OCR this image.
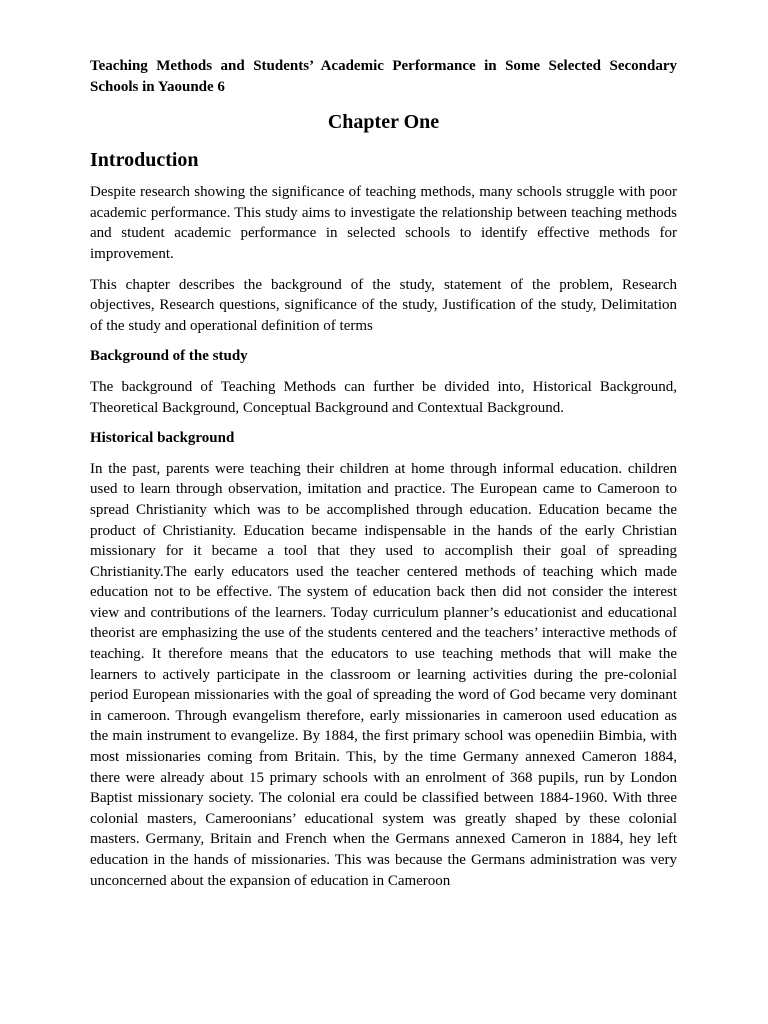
Teaching Methods and Students’ Academic Performance in Some Selected Secondary Schools in Yaounde 6

Chapter One
Introduction

Despite research showing the significance of teaching methods, many schools struggle with poor academic performance. This study aims to investigate the relationship between teaching methods and student academic performance in selected schools to identify effective methods for improvement.

This chapter describes the background of the study, statement of the problem, Research objectives, Research questions, significance of the study, Justification of the study, Delimitation of the study and operational definition of terms

Background of the study

The background of Teaching Methods can further be divided into, Historical Background, Theoretical Background, Conceptual Background and Contextual Background.

Historical background

In the past, parents were teaching their children at home through informal education. children used to learn through observation, imitation and practice. The European came to Cameroon to spread Christianity which was to be accomplished through education. Education became the product of Christianity. Education became indispensable in the hands of the early Christian missionary for it became a tool that they used to accomplish their goal of spreading Christianity.The early educators used the teacher centered methods of teaching which made education not to be effective. The system of education back then did not consider the interest view and contributions of the learners. Today curriculum planner’s educationist and educational theorist are emphasizing the use of the students centered and the teachers’ interactive methods of teaching. It therefore means that the educators to use teaching methods that will make the learners to actively participate in the classroom or learning activities during the pre-colonial period European missionaries with the goal of spreading the word of God became very dominant in cameroon. Through evangelism therefore, early missionaries in cameroon used education as the main instrument to evangelize. By 1884, the first primary school was openediin Bimbia, with most missionaries coming from Britain. This, by the time Germany annexed Cameron 1884, there were already about 15 primary schools with an enrolment of 368 pupils, run by London Baptist missionary society. The colonial era could be classified between 1884-1960. With three colonial masters, Cameroonians’ educational system was greatly shaped by these colonial masters. Germany, Britain and French when the Germans annexed Cameron in 1884, hey left education in the hands of missionaries. This was because the Germans administration was very unconcerned about the expansion of education in Cameroon
